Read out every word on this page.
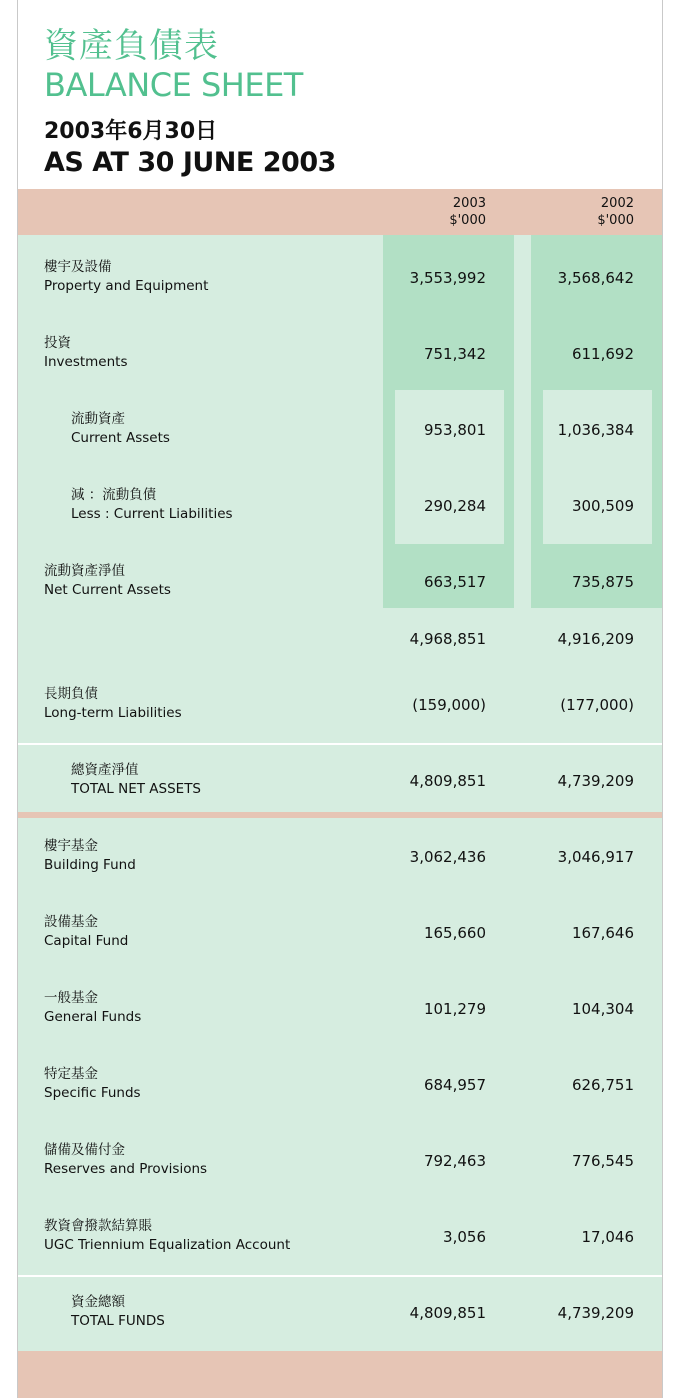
資產負債表
BALANCE SHEET
2003年6月30日
AS AT 30 JUNE 2003
2003
$'000
2002
$'000
樓宇及設備
Property and Equipment	3,553,992	3,568,642
投資
Investments	751,342	611,692
流動資產
Current Assets	953,801	1,036,384
減 ：流動負債
Less : Current Liabilities	290,284	300,509
流動資產淨值
Net Current Assets	663,517	735,875
4,968,851	4,916,209
長期負債
Long-term Liabilities	(159,000)	(177,000)
總資產淨值
TOTAL NET ASSETS	4,809,851	4,739,209
樓宇基金
Building Fund	3,062,436	3,046,917
設備基金
Capital Fund	165,660	167,646
一般基金
General Funds	101,279	104,304
特定基金
Specific Funds	684,957	626,751
儲備及備付金
Reserves and Provisions	792,463	776,545
教資會撥款結算賬
UGC Triennium Equalization Account	3,056	17,046
資金總額
TOTAL FUNDS	4,809,851	4,739,209
